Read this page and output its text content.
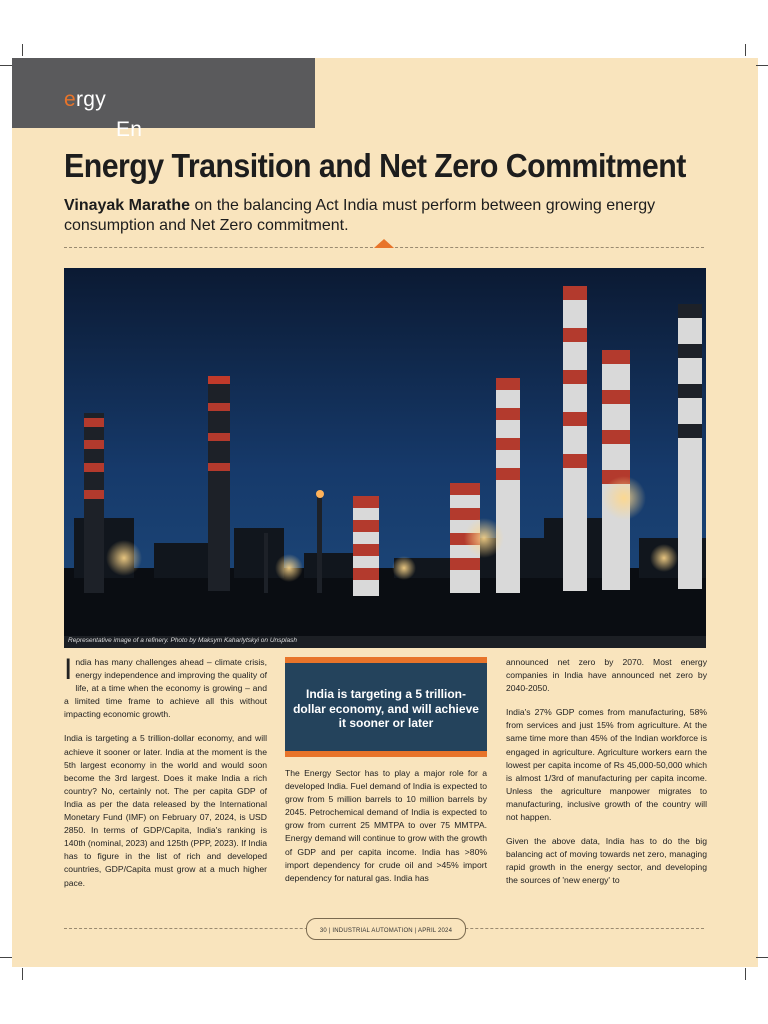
En
ergy
Energy Transition and Net Zero Commitment

Vinayak Marathe on the balancing Act India must perform between growing energy consumption and Net Zero commitment.

Representative image of a refinery. Photo by Maksym Kaharlytskyi on Unsplash

India has many challenges ahead – climate crisis, energy independence and improving the quality of life, at a time when the economy is growing – and a limited time frame to achieve all this without impacting economic growth.

India is targeting a 5 trillion-dollar economy, and will achieve it sooner or later. India at the moment is the 5th largest economy in the world and would soon become the 3rd largest. Does it make India a rich country? No, certainly not. The per capita GDP of India as per the data released by the International Monetary Fund (IMF) on February 07, 2024, is USD 2850. In terms of GDP/Capita, India's ranking is 140th (nominal, 2023) and 125th (PPP, 2023). If India has to figure in the list of rich and developed countries, GDP/Capita must grow at a much higher pace.

India is targeting a 5 trillion-dollar economy, and will achieve it sooner or later

The Energy Sector has to play a major role for a developed India. Fuel demand of India is expected to grow from 5 million barrels to 10 million barrels by 2045. Petrochemical demand of India is expected to grow from current 25 MMTPA to over 75 MMTPA. Energy demand will continue to grow with the growth of GDP and per capita income. India has >80% import dependency for crude oil and >45% import dependency for natural gas. India has

announced net zero by 2070. Most energy companies in India have announced net zero by 2040-2050.

India's 27% GDP comes from manufacturing, 58% from services and just 15% from agriculture. At the same time more than 45% of the Indian workforce is engaged in agriculture. Agriculture workers earn the lowest per capita income of Rs 45,000-50,000 which is almost 1/3rd of manufacturing per capita income. Unless the agriculture manpower migrates to manufacturing, inclusive growth of the country will not happen.

Given the above data, India has to do the big balancing act of moving towards net zero, managing rapid growth in the energy sector, and developing the sources of 'new energy' to

30 | INDUSTRIAL AUTOMATION | APRIL 2024
